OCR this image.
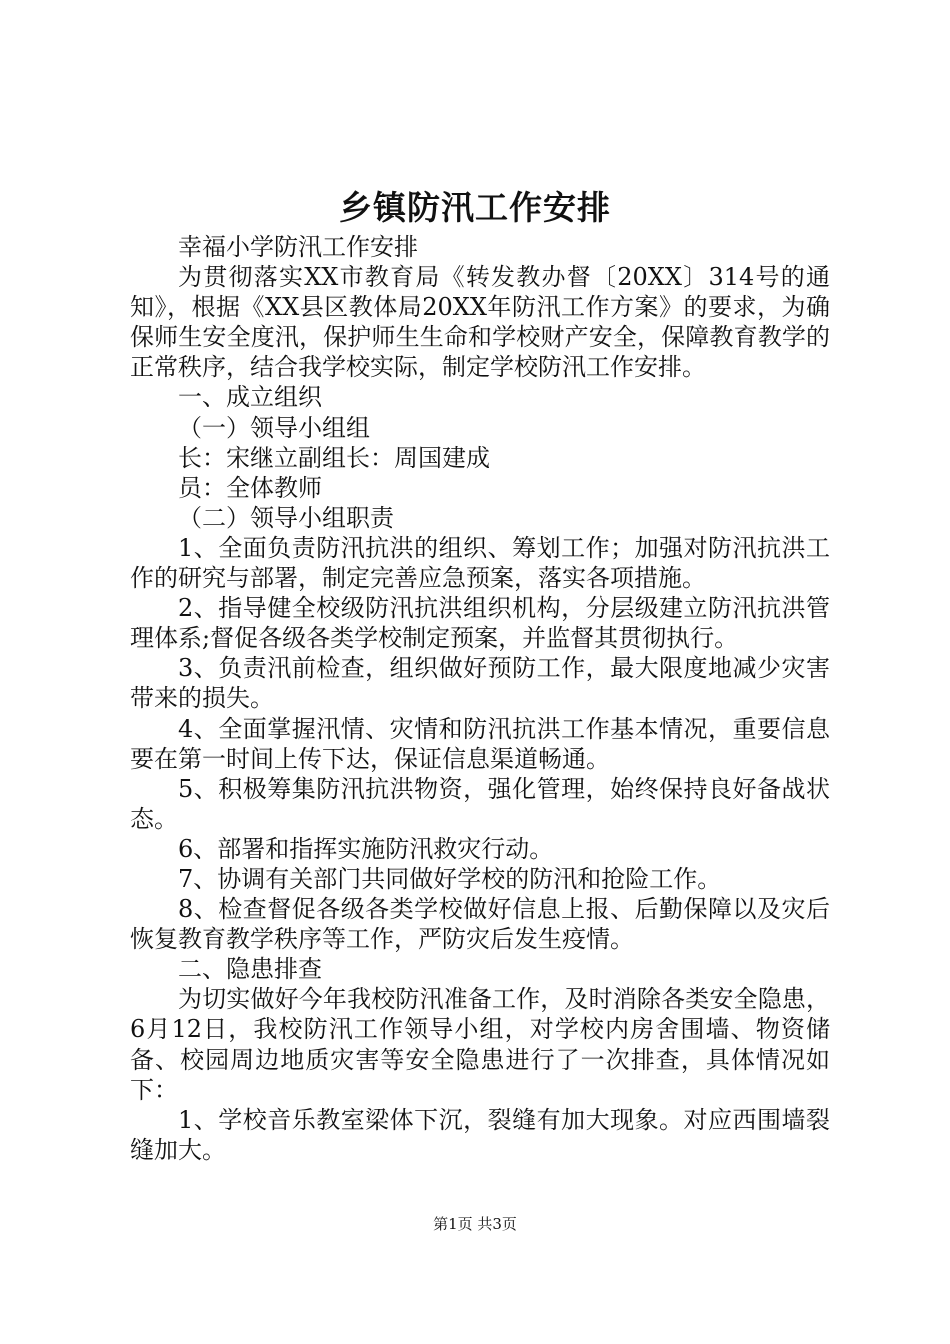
乡镇防汛工作安排

幸福小学防汛工作安排

为贯彻落实XX市教育局《转发教办督〔20XX〕314号的通知》，根据《XX县区教体局20XX年防汛工作方案》的要求，为确保师生安全度汛，保护师生生命和学校财产安全，保障教育教学的正常秩序，结合我学校实际，制定学校防汛工作安排。

一、成立组织

（一）领导小组组

长：宋继立副组长：周国建成

员：全体教师

（二）领导小组职责

1、全面负责防汛抗洪的组织、筹划工作；加强对防汛抗洪工作的研究与部署，制定完善应急预案，落实各项措施。

2、指导健全校级防汛抗洪组织机构，分层级建立防汛抗洪管理体系;督促各级各类学校制定预案，并监督其贯彻执行。

3、负责汛前检查，组织做好预防工作，最大限度地减少灾害带来的损失。

4、全面掌握汛情、灾情和防汛抗洪工作基本情况，重要信息要在第一时间上传下达，保证信息渠道畅通。

5、积极筹集防汛抗洪物资，强化管理，始终保持良好备战状态。

6、部署和指挥实施防汛救灾行动。

7、协调有关部门共同做好学校的防汛和抢险工作。

8、检查督促各级各类学校做好信息上报、后勤保障以及灾后恢复教育教学秩序等工作，严防灾后发生疫情。

二、隐患排查

为切实做好今年我校防汛准备工作，及时消除各类安全隐患，6月12日，我校防汛工作领导小组，对学校内房舍围墙、物资储备、校园周边地质灾害等安全隐患进行了一次排查，具体情况如下：

1、学校音乐教室梁体下沉，裂缝有加大现象。对应西围墙裂缝加大。

第1页 共3页
